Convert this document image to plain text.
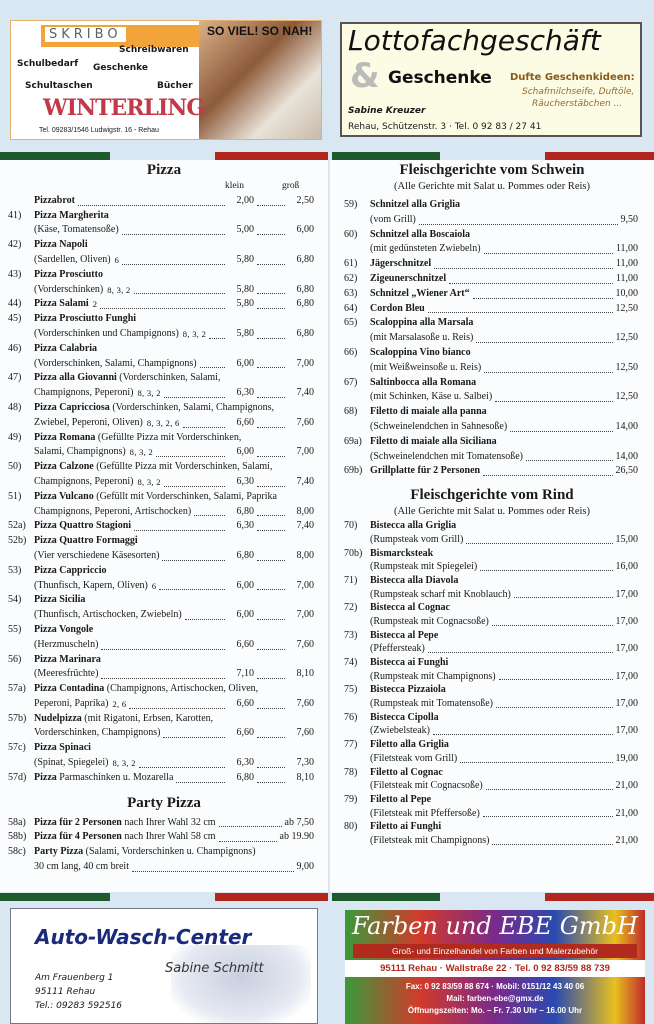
SKRIBO	SO VIEL! SO NAH!
Schulbedarf
Schreibwaren
Geschenke
Schultaschen	Bücher
WINTERLING
Tel. 09283/1546 Ludwigstr. 16 - Rehau
Lottofachgeschäft
& Geschenke Dufte Geschenkideen:
Schafmilchseife, Duftöle,
Räucherstäbchen ...
Sabine Kreuzer
Rehau, Schützenstr. 3 · Tel. 0 92 83 / 27 41
Pizza
klein	groß
Pizzabrot	2,00	2,50
41)	Pizza Margherita
(Käse, Tomatensoße)	5,00	6,00
42)	Pizza Napoli
(Sardellen, Oliven) 6	5,80	6,80
43)	Pizza Prosciutto
(Vorderschinken) 8, 3, 2	5,80	6,80
44)	Pizza Salami 2	5,80	6,80
45)	Pizza Prosciutto Funghi
(Vorderschinken und Champignons) 8, 3, 2	5,80	6,80
46)	Pizza Calabria
(Vorderschinken, Salami, Champignons)	6,00	7,00
47)	Pizza alla Giovanni (Vorderschinken, Salami,
Champignons, Peperoni) 8, 3, 2	6,30	7,40
48)	Pizza Capricciosa (Vorderschinken, Salami, Champignons,
Zwiebel, Peperoni, Oliven) 8, 3, 2, 6	6,60	7,60
49)	Pizza Romana (Gefüllte Pizza mit Vorderschinken,
Salami, Champignons) 8, 3, 2	6,00	7,00
50)	Pizza Calzone (Gefüllte Pizza mit Vorderschinken, Salami,
Champignons, Peperoni) 8, 3, 2	6,30	7,40
51)	Pizza Vulcano (Gefüllt mit Vorderschinken, Salami, Paprika
Champignons, Peperoni, Artischocken)	6,80	8,00
52a) Pizza Quattro Stagioni	6,30	7,40
52b) Pizza Quattro Formaggi
(Vier verschiedene Käsesorten)	6,80	8,00
53)	Pizza Cappriccio
(Thunfisch, Kapern, Oliven) 6	6,00	7,00
54)	Pizza Sicilia
(Thunfisch, Artischocken, Zwiebeln)	6,00	7,00
55)	Pizza Vongole
(Herzmuscheln)	6,60	7,60
56)	Pizza Marinara
(Meeresfrüchte)	7,10	8,10
57a) Pizza Contadina (Champignons, Artischocken, Oliven,
Peperoni, Paprika) 2, 6	6,60	7,60
57b) Nudelpizza (mit Rigatoni, Erbsen, Karotten,
Vorderschinken, Champignons)	6,60	7,60
57c) Pizza Spinaci
(Spinat, Spiegelei) 8, 3, 2	6,30	7,30
57d) Pizza Parmaschinken u. Mozarella	6,80	8,10
Party Pizza
58a) Pizza für 2 Personen nach Ihrer Wahl 32 cm	ab 7,50
58b) Pizza für 4 Personen nach Ihrer Wahl 58 cm	ab 19.90
58c) Party Pizza (Salami, Vorderschinken u. Champignons)
30 cm lang, 40 cm breit	9,00
Fleischgerichte vom Schwein
(Alle Gerichte mit Salat u. Pommes oder Reis)
59)	Schnitzel alla Griglia
(vom Grill)	9,50
60)	Schnitzel alla Boscaiola
(mit gedünsteten Zwiebeln)	11,00
61)	Jägerschnitzel	11,00
62)	Zigeunerschnitzel	11,00
63)	Schnitzel „Wiener Art“	10,00
64)	Cordon Bleu	12,50
65)	Scaloppina alla Marsala
(mit Marsalasoße u. Reis)	12,50
66)	Scaloppina Vino bianco
(mit Weißweinsoße u. Reis)	12,50
67)	Saltinbocca alla Romana
(mit Schinken, Käse u. Salbei)	12,50
68)	Filetto di maiale alla panna
(Schweinelendchen in Sahnesoße)	14,00
69a) Filetto di maiale alla Siciliana
(Schweinelendchen mit Tomatensoße)	14,00
69b) Grillplatte für 2 Personen	26,50
Fleischgerichte vom Rind
(Alle Gerichte mit Salat u. Pommes oder Reis)
70)	Bistecca alla Griglia
(Rumpsteak vom Grill)	15,00
70b) Bismarcksteak
(Rumpsteak mit Spiegelei)	16,00
71)	Bistecca alla Diavola
(Rumpsteak scharf mit Knoblauch)	17,00
72)	Bistecca al Cognac
(Rumpsteak mit Cognacsoße)	17,00
73)	Bistecca al Pepe
(Pfeffersteak)	17,00
74)	Bistecca ai Funghi
(Rumpsteak mit Champignons)	17,00
75)	Bistecca Pizzaiola
(Rumpsteak mit Tomatensoße)	17,00
76)	Bistecca Cipolla
(Zwiebelsteak)	17,00
77)	Filetto alla Griglia
(Filetsteak vom Grill)	19,00
78)	Filetto al Cognac
(Filetsteak mit Cognacsoße)	21,00
79)	Filetto al Pepe
(Filetsteak mit Pfeffersoße)	21,00
80)	Filetto ai Funghi
(Filetsteak mit Champignons)	21,00
Auto-Wasch-Center
Sabine Schmitt
Am Frauenberg 1
95111 Rehau
Tel.: 09283 592516
Farben und EBE GmbH
Groß- und Einzelhandel von Farben und Malerzubehör
95111 Rehau · Wallstraße 22 · Tel. 0 92 83/59 88 739
Fax: 0 92 83/59 88 674 · Mobil: 0151/12 43 40 06
Mail: farben-ebe@gmx.de
Öffnungszeiten: Mo. – Fr. 7.30 Uhr – 16.00 Uhr
